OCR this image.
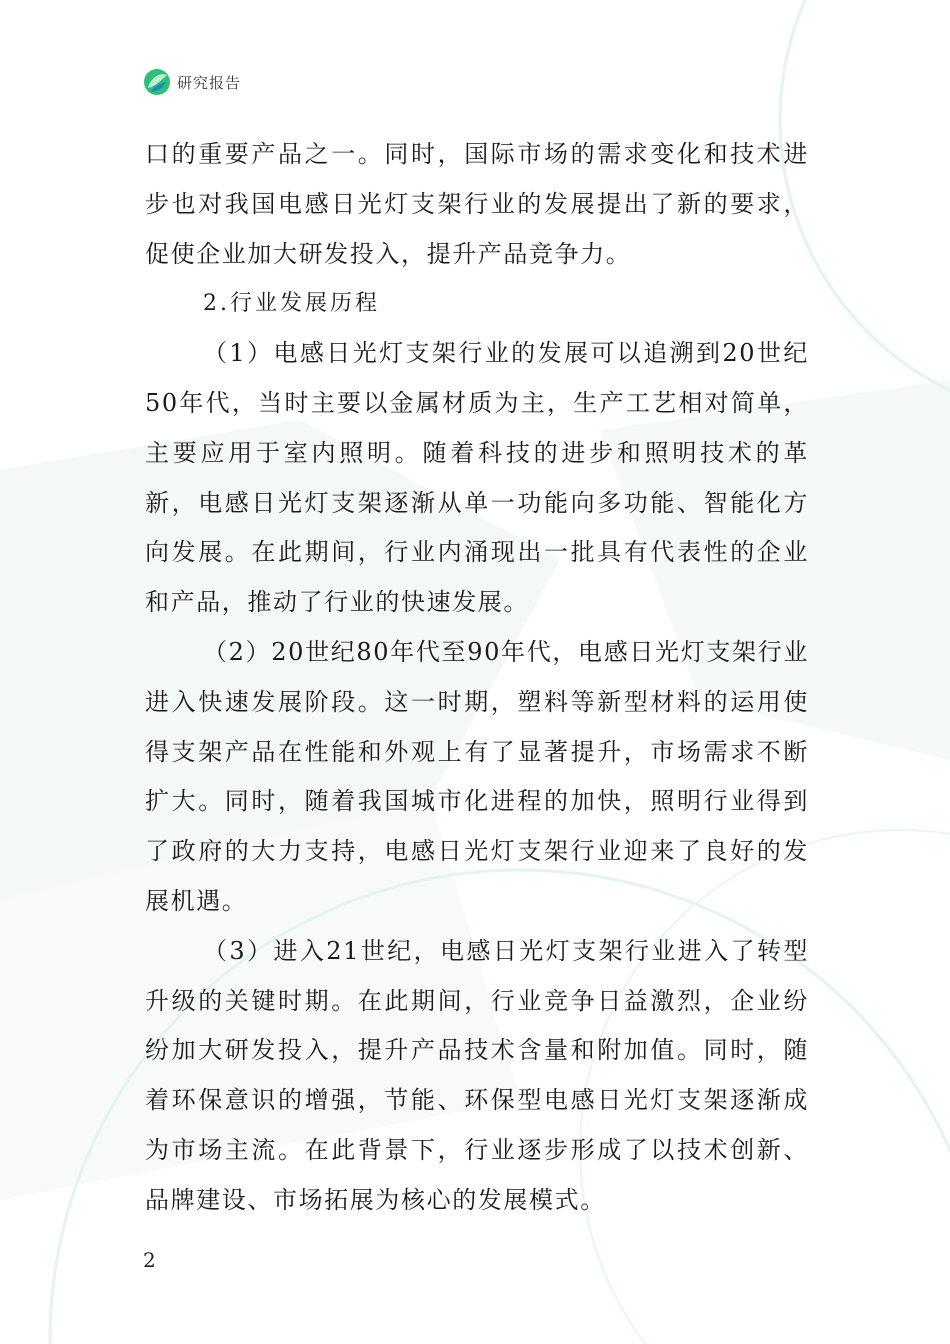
研究报告

口的重要产品之一。同时，国际市场的需求变化和技术进步也对我国电感日光灯支架行业的发展提出了新的要求，促使企业加大研发投入，提升产品竞争力。

2.行业发展历程

（1）电感日光灯支架行业的发展可以追溯到20世纪50年代，当时主要以金属材质为主，生产工艺相对简单，主要应用于室内照明。随着科技的进步和照明技术的革新，电感日光灯支架逐渐从单一功能向多功能、智能化方向发展。在此期间，行业内涌现出一批具有代表性的企业和产品，推动了行业的快速发展。

（2）20世纪80年代至90年代，电感日光灯支架行业进入快速发展阶段。这一时期，塑料等新型材料的运用使得支架产品在性能和外观上有了显著提升，市场需求不断扩大。同时，随着我国城市化进程的加快，照明行业得到了政府的大力支持，电感日光灯支架行业迎来了良好的发展机遇。

（3）进入21世纪，电感日光灯支架行业进入了转型升级的关键时期。在此期间，行业竞争日益激烈，企业纷纷加大研发投入，提升产品技术含量和附加值。同时，随着环保意识的增强，节能、环保型电感日光灯支架逐渐成为市场主流。在此背景下，行业逐步形成了以技术创新、品牌建设、市场拓展为核心的发展模式。

2
